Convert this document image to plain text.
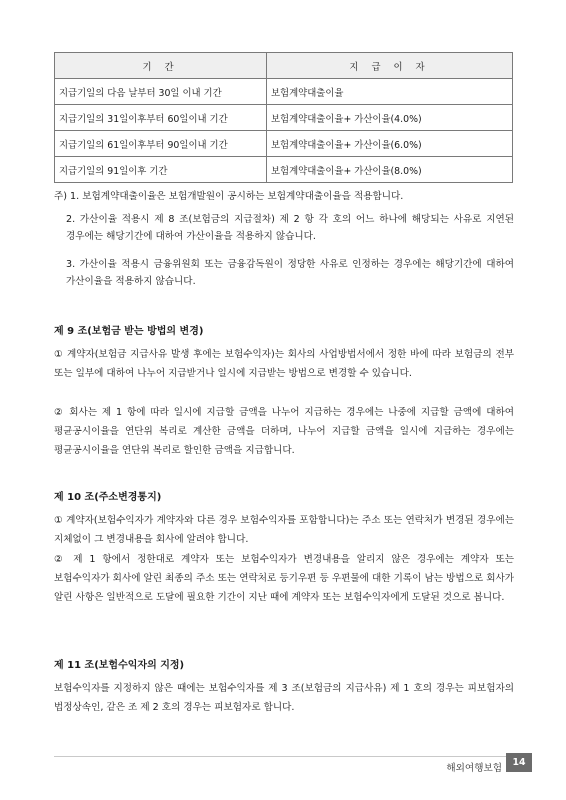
기 간	지 급 이 자
지급기일의 다음 날부터 30일 이내 기간	보험계약대출이율
지급기일의 31일이후부터 60일이내 기간	보험계약대출이율+ 가산이율(4.0%)
지급기일의 61일이후부터 90일이내 기간	보험계약대출이율+ 가산이율(6.0%)
지급기일의 91일이후 기간	보험계약대출이율+ 가산이율(8.0%)
주) 1. 보험계약대출이율은 보험개발원이 공시하는 보험계약대출이율을 적용합니다.
2. 가산이율 적용시 제 8 조(보험금의 지급절차) 제 2 항 각 호의 어느 하나에 해당되는 사유로 지연된 경우에는 해당기간에 대하여 가산이율을 적용하지 않습니다.
3. 가산이율 적용시 금융위원회 또는 금융감독원이 정당한 사유로 인정하는 경우에는 해당기간에 대하여 가산이율을 적용하지 않습니다.
제 9 조(보험금 받는 방법의 변경)
① 계약자(보험금 지급사유 발생 후에는 보험수익자)는 회사의 사업방법서에서 정한 바에 따라 보험금의 전부 또는 일부에 대하여 나누어 지급받거나 일시에 지급받는 방법으로 변경할 수 있습니다.
② 회사는 제 1 항에 따라 일시에 지급할 금액을 나누어 지급하는 경우에는 나중에 지급할 금액에 대하여 평균공시이율을 연단위 복리로 계산한 금액을 더하며, 나누어 지급할 금액을 일시에 지급하는 경우에는 평균공시이율을 연단위 복리로 할인한 금액을 지급합니다.
제 10 조(주소변경통지)
① 계약자(보험수익자가 계약자와 다른 경우 보험수익자를 포함합니다)는 주소 또는 연락처가 변경된 경우에는 지체없이 그 변경내용을 회사에 알려야 합니다.
② 제 1 항에서 정한대로 계약자 또는 보험수익자가 변경내용을 알리지 않은 경우에는 계약자 또는 보험수익자가 회사에 알린 최종의 주소 또는 연락처로 등기우편 등 우편물에 대한 기록이 남는 방법으로 회사가 알린 사항은 일반적으로 도달에 필요한 기간이 지난 때에 계약자 또는 보험수익자에게 도달된 것으로 봅니다.
제 11 조(보험수익자의 지정)
보험수익자를 지정하지 않은 때에는 보험수익자를 제 3 조(보험금의 지급사유) 제 1 호의 경우는 피보험자의 법정상속인, 같은 조 제 2 호의 경우는 피보험자로 합니다.
해외여행보험
14
